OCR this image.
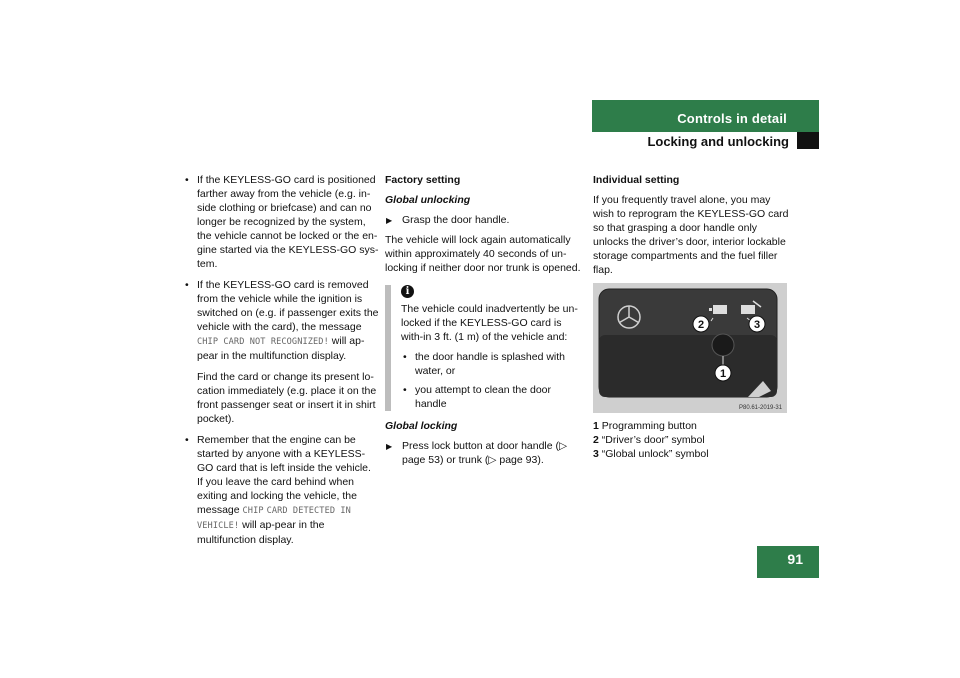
Controls in detail
Locking and unlocking
• If the KEYLESS-GO card is positioned farther away from the vehicle (e.g. in-side clothing or briefcase) and can no longer be recognized by the system, the vehicle cannot be locked or the en-gine started via the KEYLESS-GO sys-tem.
• If the KEYLESS-GO card is removed from the vehicle while the ignition is switched on (e.g. if passenger exits the vehicle with the card), the message CHIP CARD NOT RECOGNIZED! will ap-pear in the multifunction display.
Find the card or change its present lo-cation immediately (e.g. place it on the front passenger seat or insert it in shirt pocket).
• Remember that the engine can be started by anyone with a KEYLESS-GO card that is left inside the vehicle. If you leave the card behind when exiting and locking the vehicle, the message CHIP CARD DETECTED IN VEHICLE! will ap-pear in the multifunction display.

Factory setting

Global unlocking

▶ Grasp the door handle.

The vehicle will lock again automatically within approximately 40 seconds of un-locking if neither door nor trunk is opened.

i

The vehicle could inadvertently be un-locked if the KEYLESS-GO card is with-in 3 ft. (1 m) of the vehicle and:

• the door handle is splashed with water, or
• you attempt to clean the door handle

Global locking

▶ Press lock button at door handle (▷ page 53) or trunk (▷ page 93).

Individual setting

If you frequently travel alone, you may wish to reprogram the KEYLESS-GO card so that grasping a door handle only unlocks the driver’s door, interior lockable storage compartments and the fuel filler flap.

1
2	3
P80.61-2019-31
1 Programming button
2 “Driver’s door” symbol
3 “Global unlock” symbol
91
